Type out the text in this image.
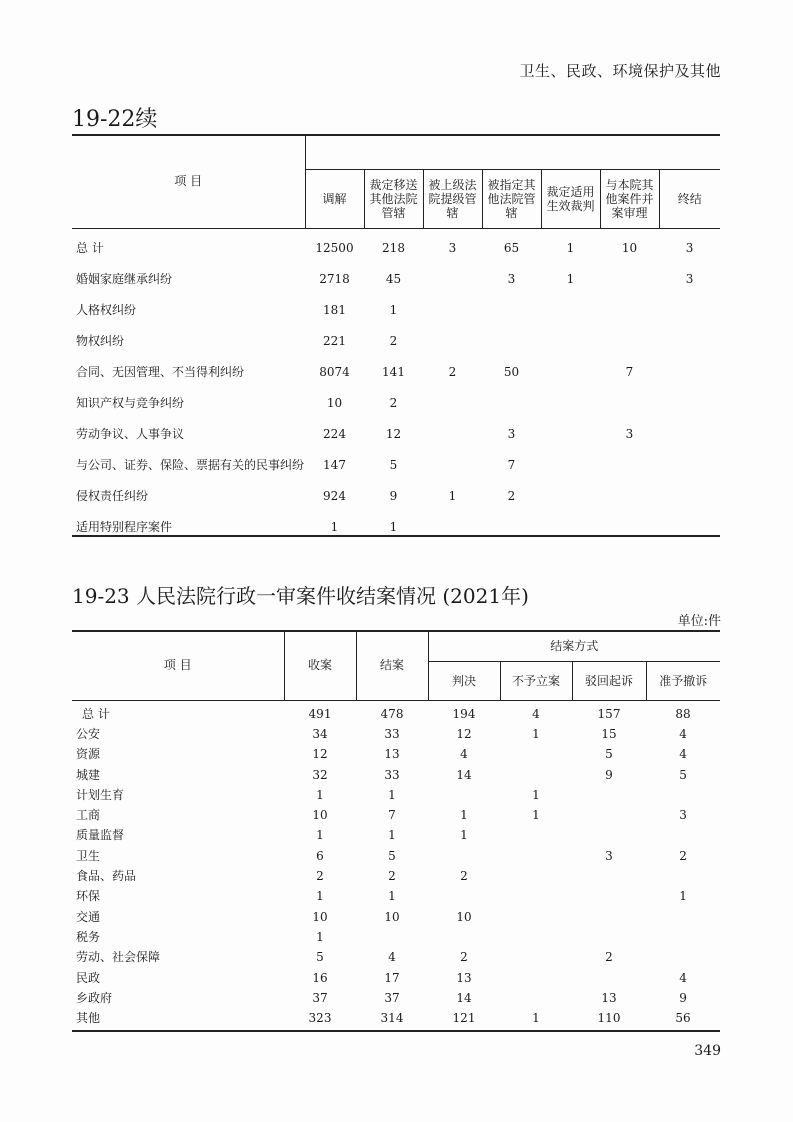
卫生、民政、环境保护及其他
19-22续
项 目							
	调解	裁定移送其他法院管辖	被上级法院提级管辖	被指定其他法院管辖	裁定适用生效裁判	与本院其他案件并案审理	终结
总 计	12500	218	3	65	1	10	3
婚姻家庭继承纠纷	2718	45		3	1		3
人格权纠纷	181	1					
物权纠纷	221	2					
合同、无因管理、不当得利纠纷	8074	141	2	50		7	
知识产权与竞争纠纷	10	2					
劳动争议、人事争议	224	12		3		3	
与公司、证券、保险、票据有关的民事纠纷	147	5		7			
侵权责任纠纷	924	9	1	2			
适用特别程序案件	1	1					
19-23 人民法院行政一审案件收结案情况 (2021年)
单位:件
项 目	收案	结案	结案方式			
			判决	不予立案	驳回起诉	准予撤诉
总 计	491	478	194	4	157	88
公安	34	33	12	1	15	4
资源	12	13	4		5	4
城建	32	33	14		9	5
计划生育	1	1		1		
工商	10	7	1	1		3
质量监督	1	1	1			
卫生	6	5			3	2
食品、药品	2	2	2			
环保	1	1				1
交通	10	10	10			
税务	1					
劳动、社会保障	5	4	2		2	
民政	16	17	13			4
乡政府	37	37	14		13	9
其他	323	314	121	1	110	56
349
